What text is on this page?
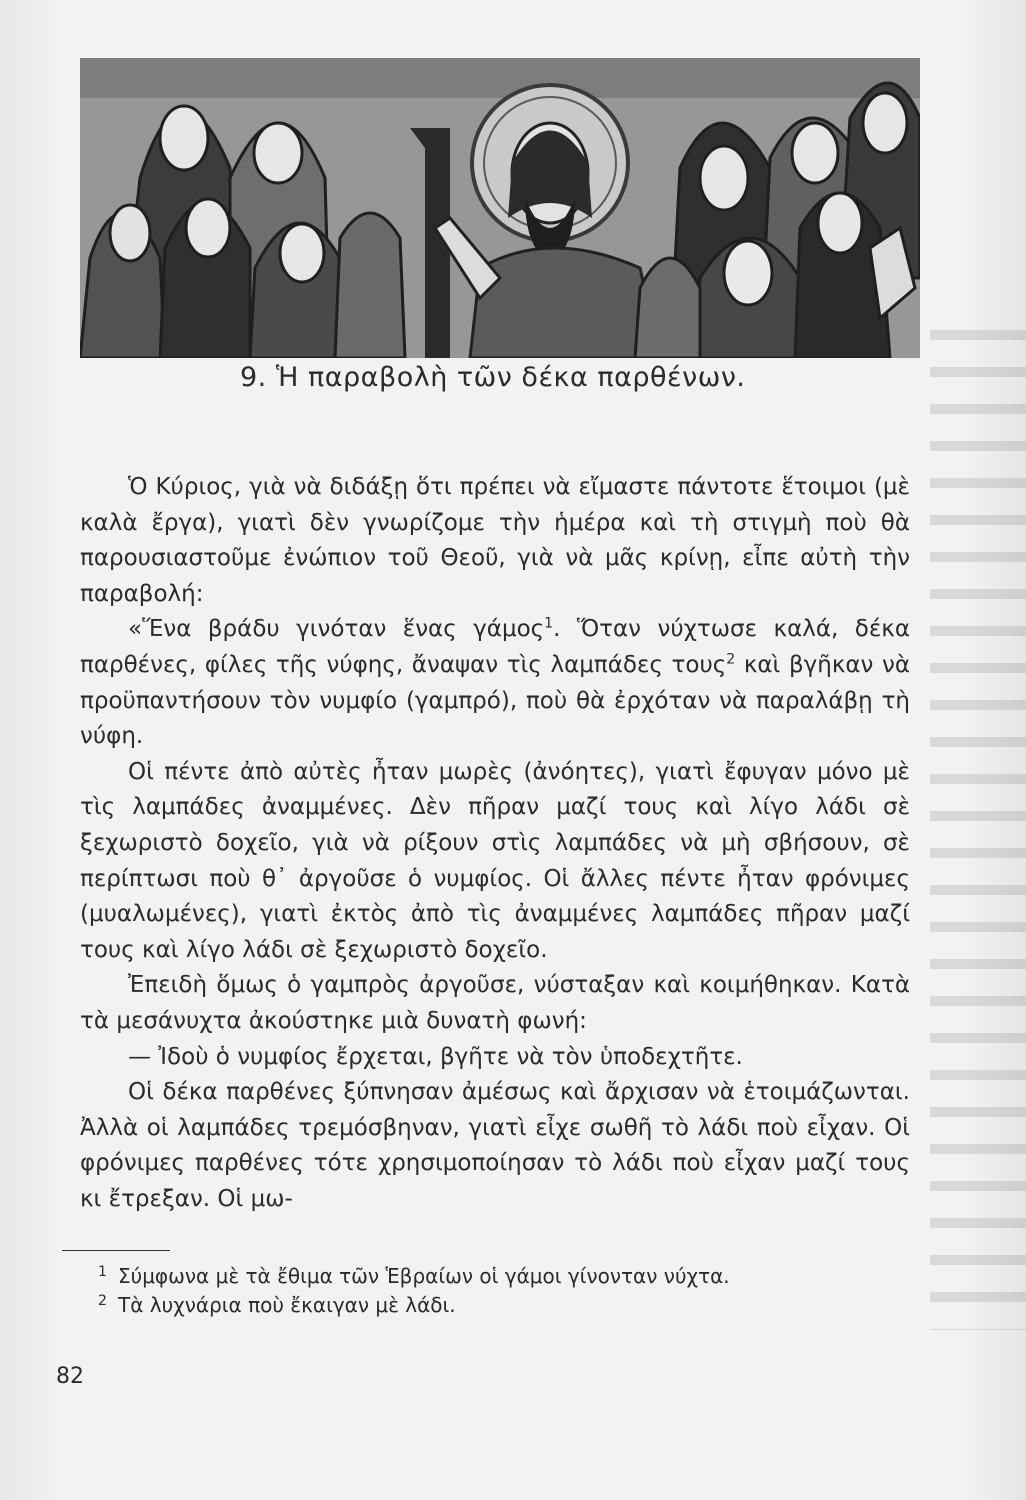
9. Ἡ παραβολὴ τῶν δέκα παρθένων.

Ὁ Κύριος, γιὰ νὰ διδάξῃ ὅτι πρέπει νὰ εἴμαστε πάντοτε ἕτοιμοι (μὲ καλὰ ἔργα), γιατὶ δὲν γνωρίζομε τὴν ἡμέρα καὶ τὴ στιγμὴ ποὺ θὰ παρουσιαστοῦμε ἐνώπιον τοῦ Θεοῦ, γιὰ νὰ μᾶς κρίνῃ, εἶπε αὐτὴ τὴν παραβολή:

«Ἕνα βράδυ γινόταν ἕνας γάμος$^1$. Ὅταν νύχτωσε καλά, δέκα παρθένες, φίλες τῆς νύφης, ἄναψαν τὶς λαμπάδες τους$^2$ καὶ βγῆκαν νὰ προϋπαντήσουν τὸν νυμφίο (γαμπρό), ποὺ θὰ ἐρχόταν νὰ παραλάβῃ τὴ νύφη.

Οἱ πέντε ἀπὸ αὐτὲς ἦταν μωρὲς (ἀνόητες), γιατὶ ἔφυγαν μόνο μὲ τὶς λαμπάδες ἀναμμένες. Δὲν πῆραν μαζί τους καὶ λίγο λάδι σὲ ξεχωριστὸ δοχεῖο, γιὰ νὰ ρίξουν στὶς λαμπάδες νὰ μὴ σβήσουν, σὲ περίπτωσι ποὺ θ᾽ ἀργοῦσε ὁ νυμφίος. Οἱ ἄλλες πέντε ἦταν φρόνιμες (μυαλωμένες), γιατὶ ἐκτὸς ἀπὸ τὶς ἀναμμένες λαμπάδες πῆραν μαζί τους καὶ λίγο λάδι σὲ ξεχωριστὸ δοχεῖο.

Ἐπειδὴ ὅμως ὁ γαμπρὸς ἀργοῦσε, νύσταξαν καὶ κοιμήθηκαν. Κατὰ τὰ μεσάνυχτα ἀκούστηκε μιὰ δυνατὴ φωνή:

— Ἰδοὺ ὁ νυμφίος ἔρχεται, βγῆτε νὰ τὸν ὑποδεχτῆτε.

Οἱ δέκα παρθένες ξύπνησαν ἀμέσως καὶ ἄρχισαν νὰ ἑτοιμάζωνται. Ἀλλὰ οἱ λαμπάδες τρεμόσβηναν, γιατὶ εἶχε σωθῆ τὸ λάδι ποὺ εἶχαν. Οἱ φρόνιμες παρθένες τότε χρησιμοποίησαν τὸ λάδι ποὺ εἶχαν μαζί τους κι ἔτρεξαν. Οἱ μω-

1 Σύμφωνα μὲ τὰ ἔθιμα τῶν Ἑβραίων οἱ γάμοι γίνονταν νύχτα.
2 Τὰ λυχνάρια ποὺ ἔκαιγαν μὲ λάδι.
82
